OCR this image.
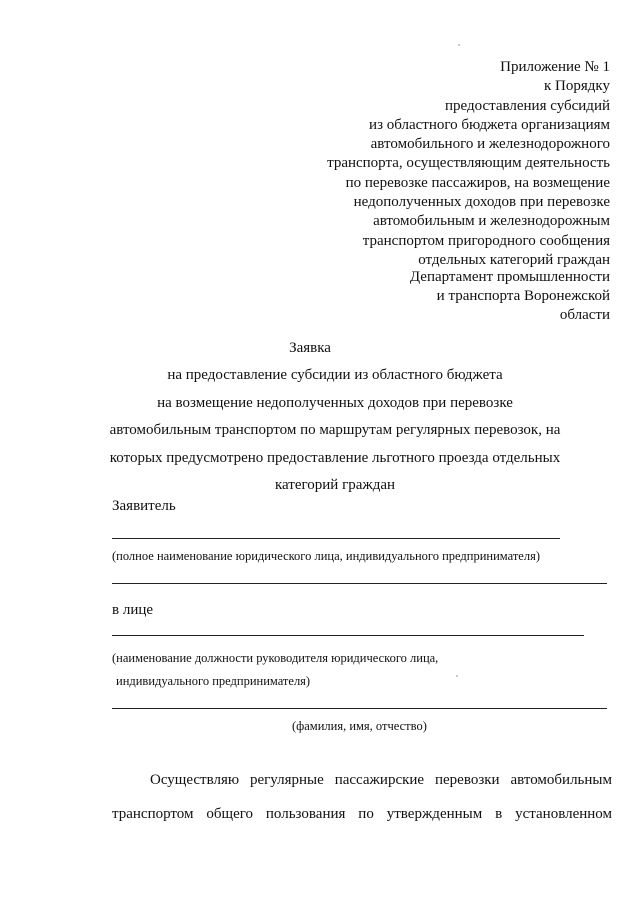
Приложение № 1
к Порядку
предоставления субсидий
из областного бюджета организациям
автомобильного и железнодорожного
транспорта, осуществляющим деятельность
по перевозке пассажиров, на возмещение
недополученных доходов при перевозке
автомобильным и железнодорожным
транспортом пригородного сообщения
отдельных категорий граждан
Департамент промышленности
и транспорта Воронежской
области
Заявка
на предоставление субсидии из областного бюджета
на возмещение недополученных доходов при перевозке
автомобильным транспортом по маршрутам регулярных перевозок, на
которых предусмотрено предоставление льготного проезда отдельных
категорий граждан
Заявитель
(полное наименование юридического лица, индивидуального предпринимателя)
в лице
(наименование должности руководителя юридического лица,
индивидуального предпринимателя)
(фамилия, имя, отчество)
Осуществляю регулярные пассажирские перевозки автомобильным
транспортом общего пользования по утвержденным в установленном
